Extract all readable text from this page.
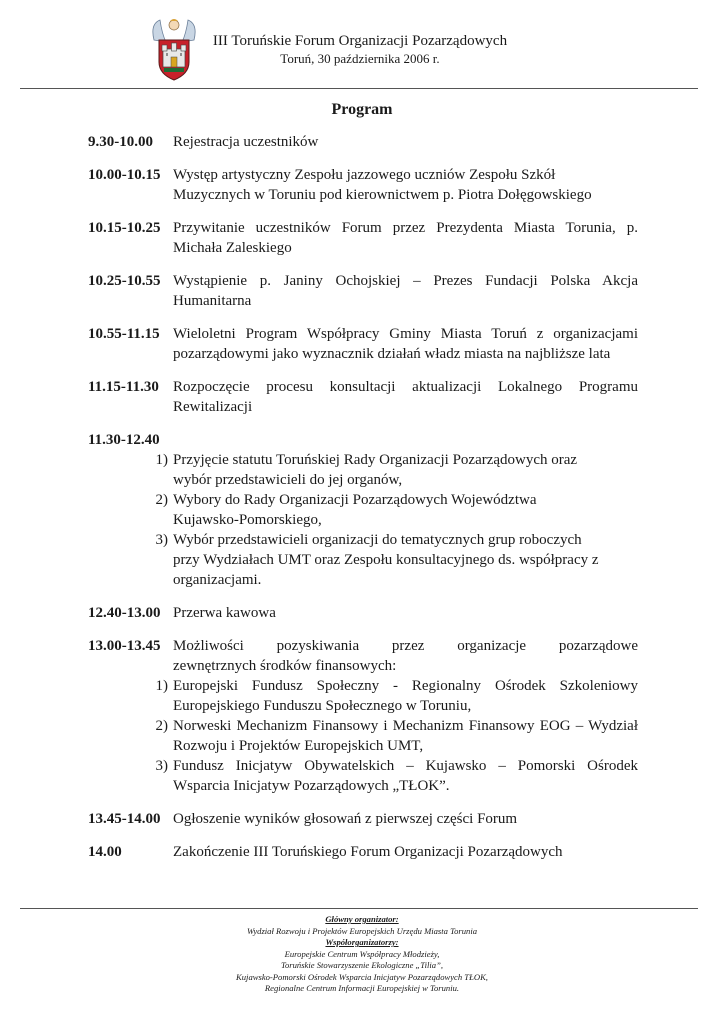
III Toruńskie Forum Organizacji Pozarządowych
Toruń, 30 października 2006 r.
Program
9.30-10.00	Rejestracja uczestników
10.00-10.15 Występ artystyczny Zespołu jazzowego uczniów Zespołu Szkół
Muzycznych w Toruniu pod kierownictwem p. Piotra Dołęgowskiego
10.15-10.25 Przywitanie uczestników Forum przez Prezydenta Miasta Torunia, p. Michała Zaleskiego
10.25-10.55 Wystąpienie p. Janiny Ochojskiej – Prezes Fundacji Polska Akcja Humanitarna
10.55-11.15 Wieloletni Program Współpracy Gminy Miasta Toruń z organizacjami pozarządowymi jako wyznacznik działań władz miasta na najbliższe lata
11.15-11.30 Rozpoczęcie procesu konsultacji aktualizacji Lokalnego Programu Rewitalizacji
11.30-12.40
1) Przyjęcie statutu Toruńskiej Rady Organizacji Pozarządowych oraz
wybór przedstawicieli do jej organów,
2) Wybory do Rady Organizacji Pozarządowych Województwa
Kujawsko-Pomorskiego,
3) Wybór przedstawicieli organizacji do tematycznych grup roboczych
przy Wydziałach UMT oraz Zespołu konsultacyjnego ds. współpracy z
organizacjami.
12.40-13.00 Przerwa kawowa
13.00-13.45 Możliwości pozyskiwania przez organizacje pozarządowe
zewnętrznych środków finansowych:
1) Europejski Fundusz Społeczny - Regionalny Ośrodek Szkoleniowy Europejskiego Funduszu Społecznego w Toruniu,
2) Norweski Mechanizm Finansowy i Mechanizm Finansowy EOG – Wydział Rozwoju i Projektów Europejskich UMT,
3) Fundusz Inicjatyw Obywatelskich – Kujawsko – Pomorski Ośrodek Wsparcia Inicjatyw Pozarządowych „TŁOK”.
13.45-14.00 Ogłoszenie wyników głosowań z pierwszej części Forum
14.00	Zakończenie III Toruńskiego Forum Organizacji Pozarządowych
Główny organizator:
Wydział Rozwoju i Projektów Europejskich Urzędu Miasta Torunia
Współorganizatorzy:
Europejskie Centrum Współpracy Młodzieży,
Toruńskie Stowarzyszenie Ekologiczne „Tilia”,
Kujawsko-Pomorski Ośrodek Wsparcia Inicjatyw Pozarządowych TŁOK,
Regionalne Centrum Informacji Europejskiej w Toruniu.
